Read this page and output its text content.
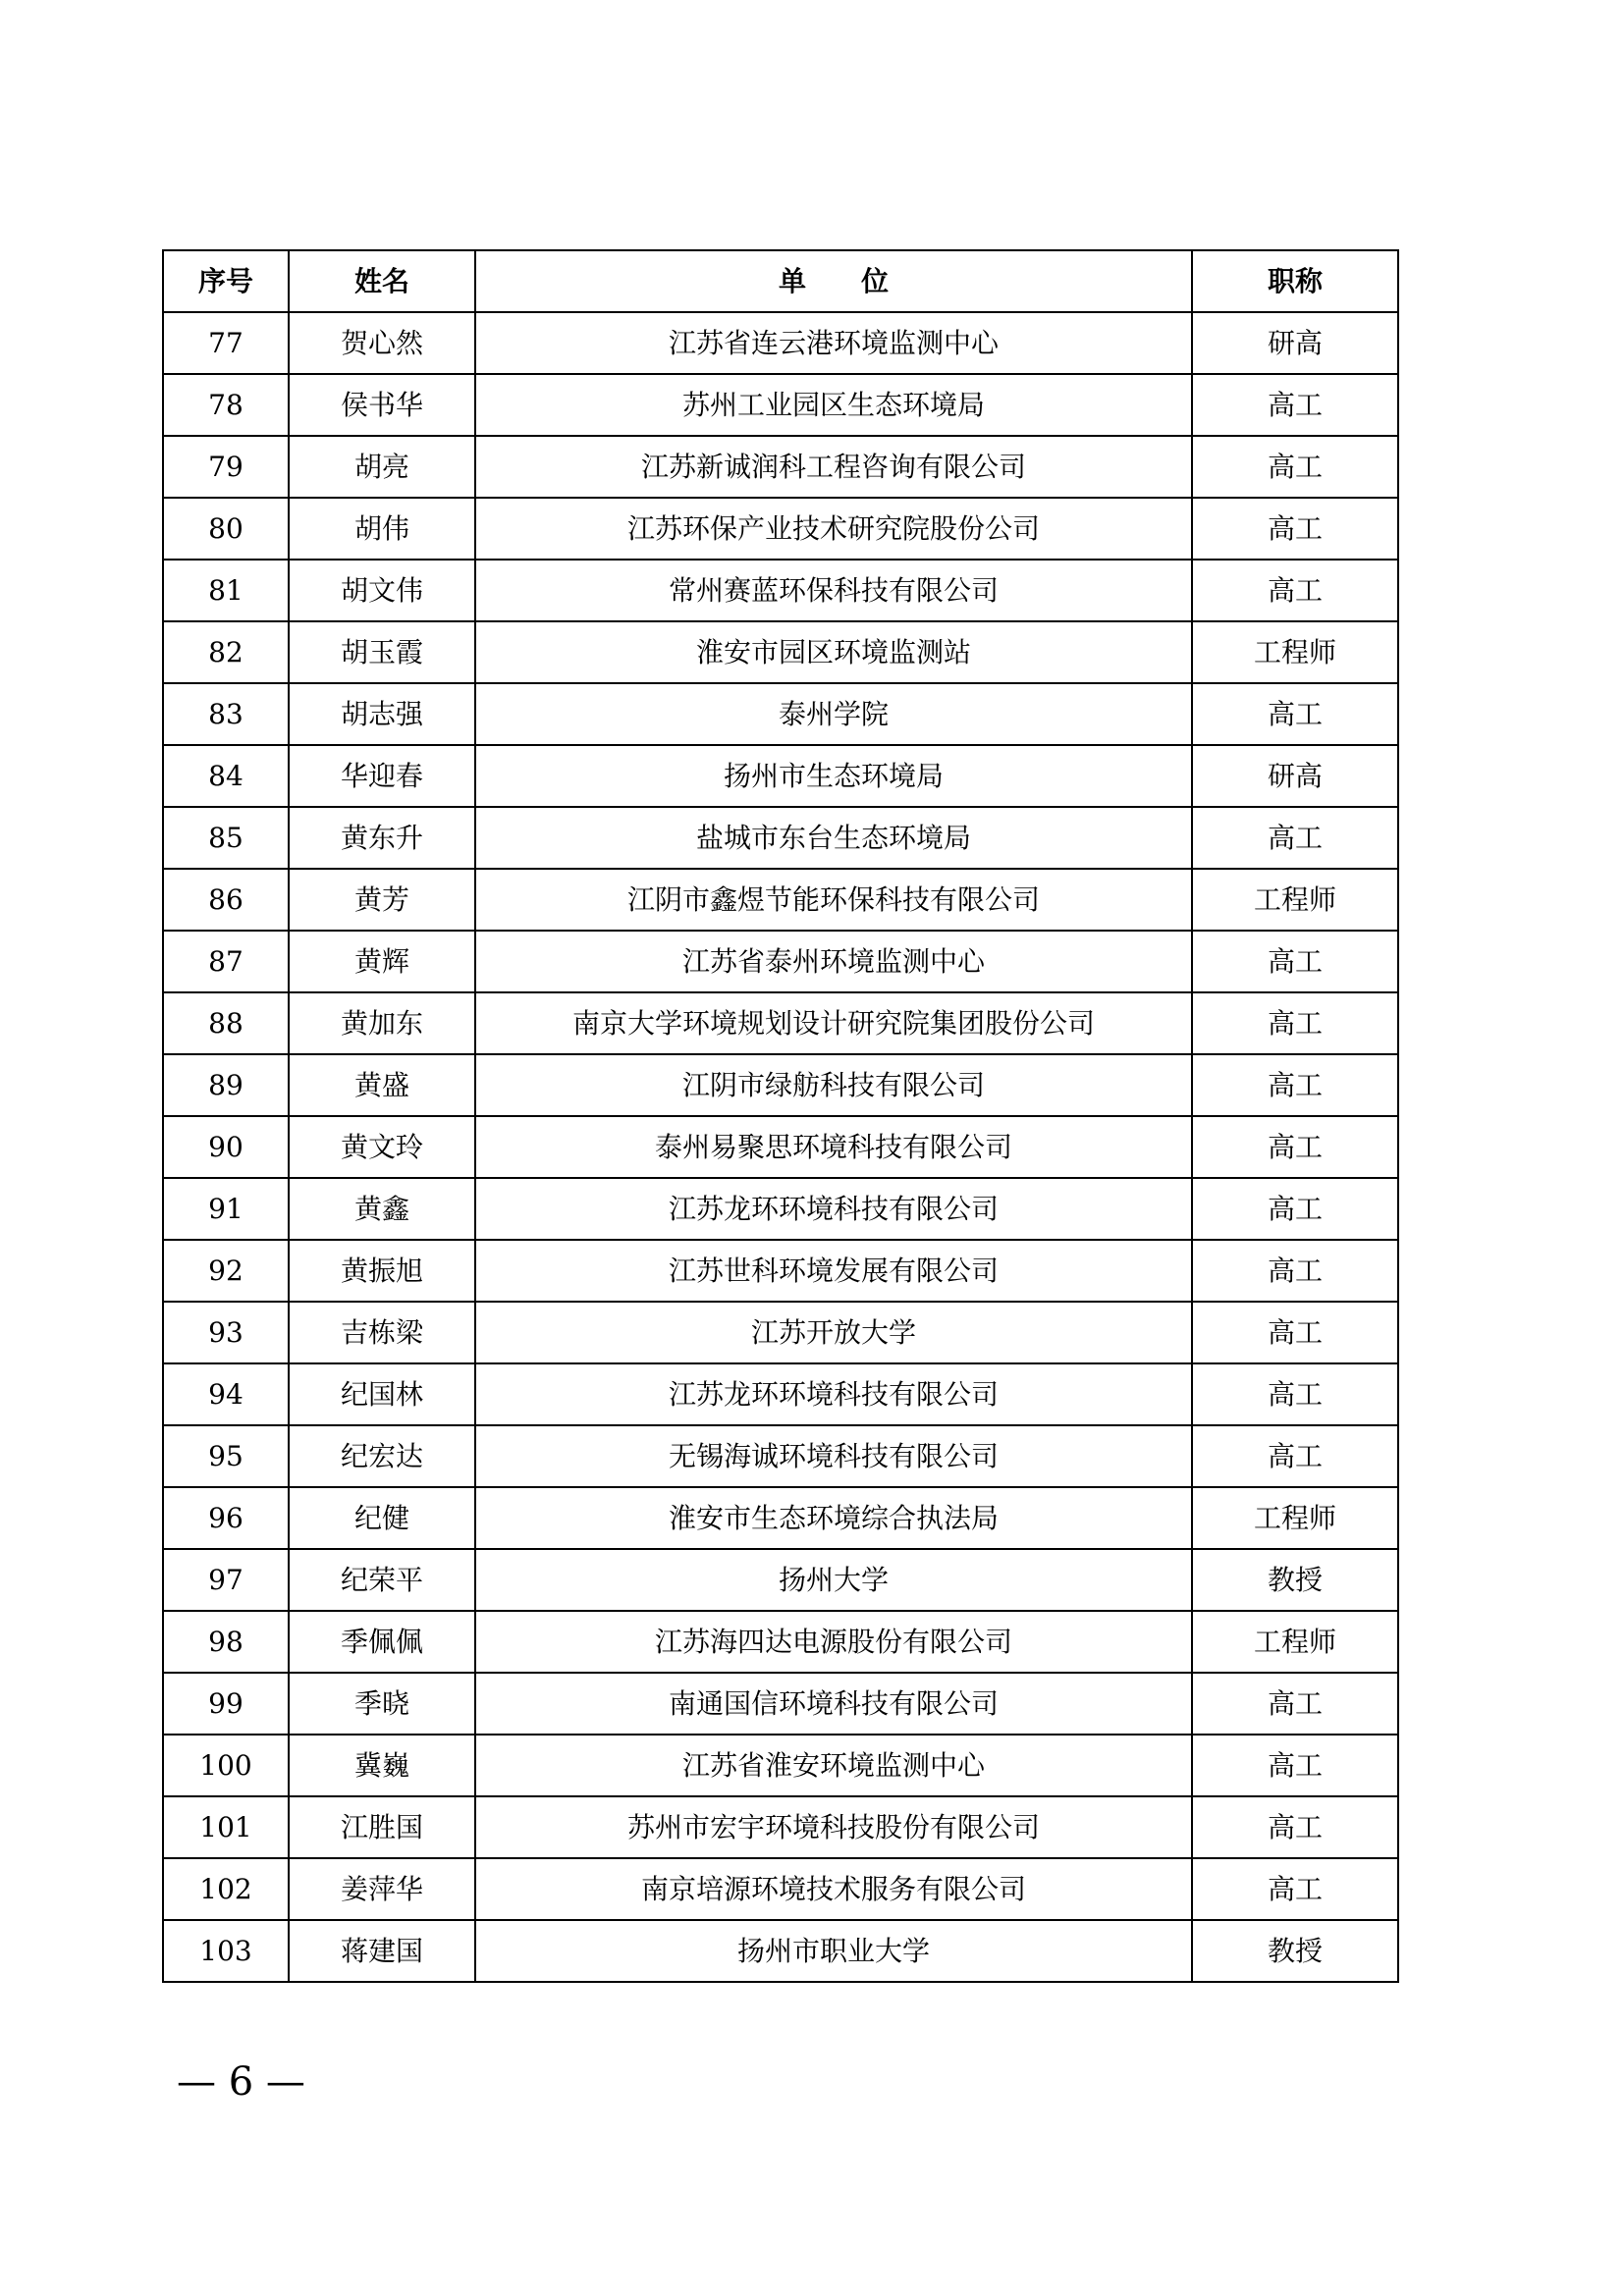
序号	姓名	单　　位	职称
77	贺心然	江苏省连云港环境监测中心	研高
78	侯书华	苏州工业园区生态环境局	高工
79	胡亮	江苏新诚润科工程咨询有限公司	高工
80	胡伟	江苏环保产业技术研究院股份公司	高工
81	胡文伟	常州赛蓝环保科技有限公司	高工
82	胡玉霞	淮安市园区环境监测站	工程师
83	胡志强	泰州学院	高工
84	华迎春	扬州市生态环境局	研高
85	黄东升	盐城市东台生态环境局	高工
86	黄芳	江阴市鑫煜节能环保科技有限公司	工程师
87	黄辉	江苏省泰州环境监测中心	高工
88	黄加东	南京大学环境规划设计研究院集团股份公司	高工
89	黄盛	江阴市绿舫科技有限公司	高工
90	黄文玲	泰州易聚思环境科技有限公司	高工
91	黄鑫	江苏龙环环境科技有限公司	高工
92	黄振旭	江苏世科环境发展有限公司	高工
93	吉栋梁	江苏开放大学	高工
94	纪国林	江苏龙环环境科技有限公司	高工
95	纪宏达	无锡海诚环境科技有限公司	高工
96	纪健	淮安市生态环境综合执法局	工程师
97	纪荣平	扬州大学	教授
98	季佩佩	江苏海四达电源股份有限公司	工程师
99	季晓	南通国信环境科技有限公司	高工
100	冀巍	江苏省淮安环境监测中心	高工
101	江胜国	苏州市宏宇环境科技股份有限公司	高工
102	姜萍华	南京培源环境技术服务有限公司	高工
103	蒋建国	扬州市职业大学	教授
— 6 —
